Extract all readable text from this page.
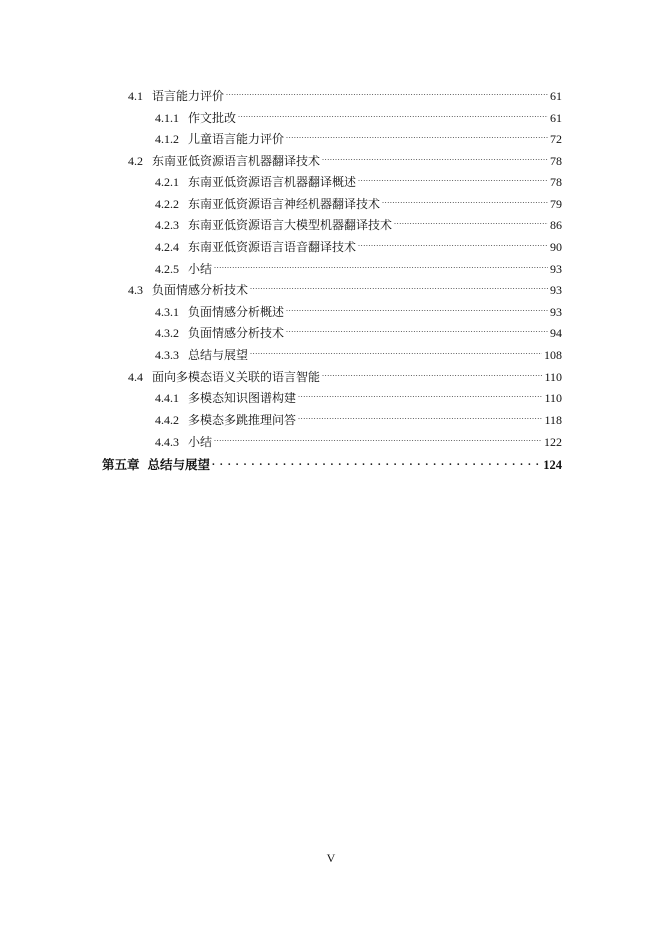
4.1 语言能力评价 .....	61
4.1.1 作文批改 .....	61
4.1.2 儿童语言能力评价 .....	72
4.2 东南亚低资源语言机器翻译技术 .....	78
4.2.1 东南亚低资源语言机器翻译概述 .....	78
4.2.2 东南亚低资源语言神经机器翻译技术 .....	79
4.2.3 东南亚低资源语言大模型机器翻译技术 .....	86
4.2.4 东南亚低资源语言语音翻译技术 .....	90
4.2.5 小结 .....	93
4.3 负面情感分析技术 .....	93
4.3.1 负面情感分析概述 .....	93
4.3.2 负面情感分析技术 .....	94
4.3.3 总结与展望 .....	108
4.4 面向多模态语义关联的语言智能 .....	110
4.4.1 多模态知识图谱构建 .....	110
4.4.2 多模态多跳推理问答 .....	118
4.4.3 小结 .....	122
第五章 总结与展望 . . .	124
V
